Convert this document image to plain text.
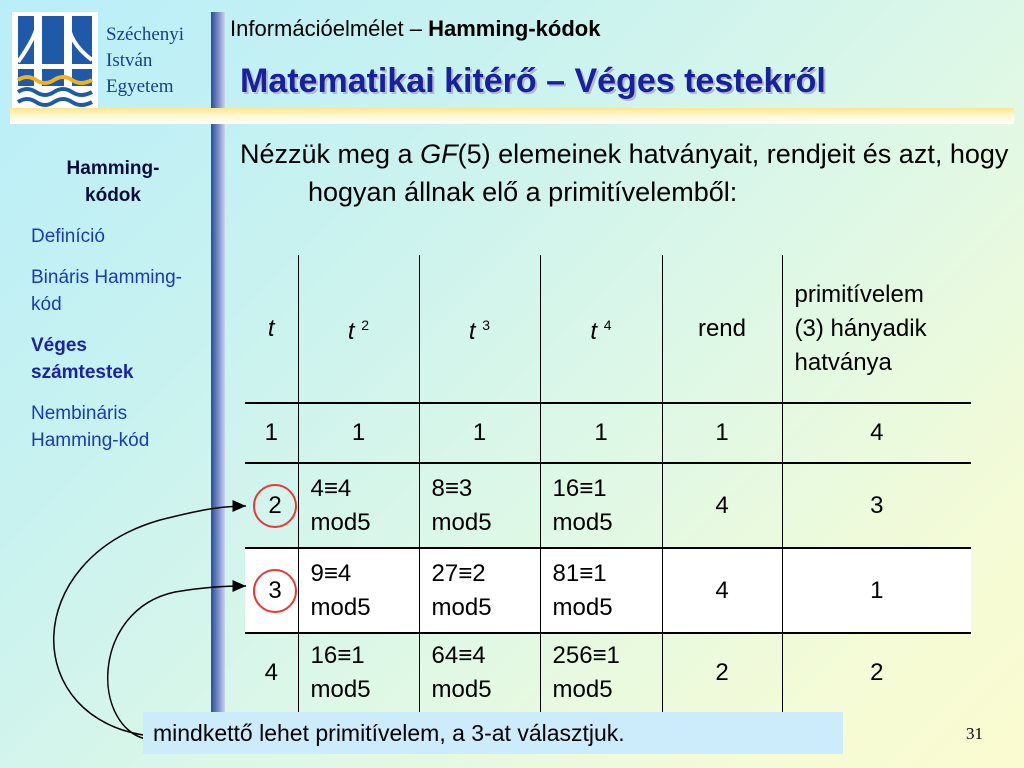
Széchenyi
István
Egyetem
Információelmélet – Hamming-kódok
Matematikai kitérő – Véges testekről
Hamming-
kódok
Definíció
Bináris Hamming-kód
Véges számtestek
Nembináris Hamming-kód
Nézzük meg a GF(5) elemeinek hatványait, rendjeit és azt, hogy hogyan állnak elő a primitívelemből:
t	t $^2$	t $^3$	t $^4$	rend	primitívelem (3) hányadik hatványa
1	1	1	1	1	4
2	4≡4 mod5	8≡3 mod5	16≡1 mod5	4	3
3	9≡4 mod5	27≡2 mod5	81≡1 mod5	4	1
4	16≡1 mod5	64≡4 mod5	256≡1 mod5	2	2
mindkettő lehet primitívelem, a 3-at választjuk.	31
